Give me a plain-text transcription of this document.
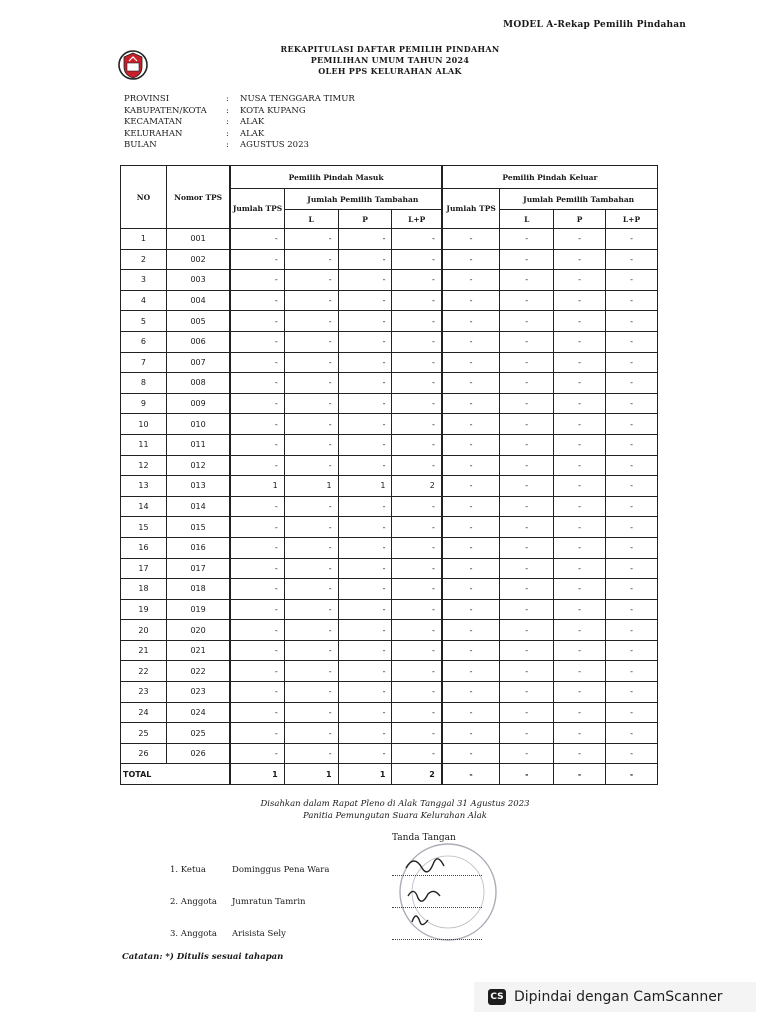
MODEL A-Rekap Pemilih Pindahan
REKAPITULASI DAFTAR PEMILIH PINDAHAN
PEMILIHAN UMUM TAHUN 2024
OLEH PPS KELURAHAN ALAK
PROVINSI	:	NUSA TENGGARA TIMUR
KABUPATEN/KOTA	:	KOTA KUPANG
KECAMATAN	:	ALAK
KELURAHAN	:	ALAK
BULAN	:	AGUSTUS 2023
NO	Nomor TPS	Pemilih Pindah Masuk				Pemilih Pindah Keluar			
		Jumlah TPS	Jumlah Pemilih Tambahan			Jumlah TPS	Jumlah Pemilih Tambahan		
			L	P	L+P		L	P	L+P
1	001	-	-	-	-	-	-	-	-
2	002	-	-	-	-	-	-	-	-
3	003	-	-	-	-	-	-	-	-
4	004	-	-	-	-	-	-	-	-
5	005	-	-	-	-	-	-	-	-
6	006	-	-	-	-	-	-	-	-
7	007	-	-	-	-	-	-	-	-
8	008	-	-	-	-	-	-	-	-
9	009	-	-	-	-	-	-	-	-
10	010	-	-	-	-	-	-	-	-
11	011	-	-	-	-	-	-	-	-
12	012	-	-	-	-	-	-	-	-
13	013	1	1	1	2	-	-	-	-
14	014	-	-	-	-	-	-	-	-
15	015	-	-	-	-	-	-	-	-
16	016	-	-	-	-	-	-	-	-
17	017	-	-	-	-	-	-	-	-
18	018	-	-	-	-	-	-	-	-
19	019	-	-	-	-	-	-	-	-
20	020	-	-	-	-	-	-	-	-
21	021	-	-	-	-	-	-	-	-
22	022	-	-	-	-	-	-	-	-
23	023	-	-	-	-	-	-	-	-
24	024	-	-	-	-	-	-	-	-
25	025	-	-	-	-	-	-	-	-
26	026	-	-	-	-	-	-	-	-
TOTAL		1	1	1	2	-	-	-	-
Disahkan dalam Rapat Pleno di Alak Tanggal 31 Agustus 2023
Panitia Pemungutan Suara Kelurahan Alak
Tanda Tangan
1. Ketua	Dominggus Pena Wara
2. Anggota	Jumratun Tamrin
3. Anggota	Arisista Sely
Catatan: *) Ditulis sesuai tahapan
CS Dipindai dengan CamScanner
